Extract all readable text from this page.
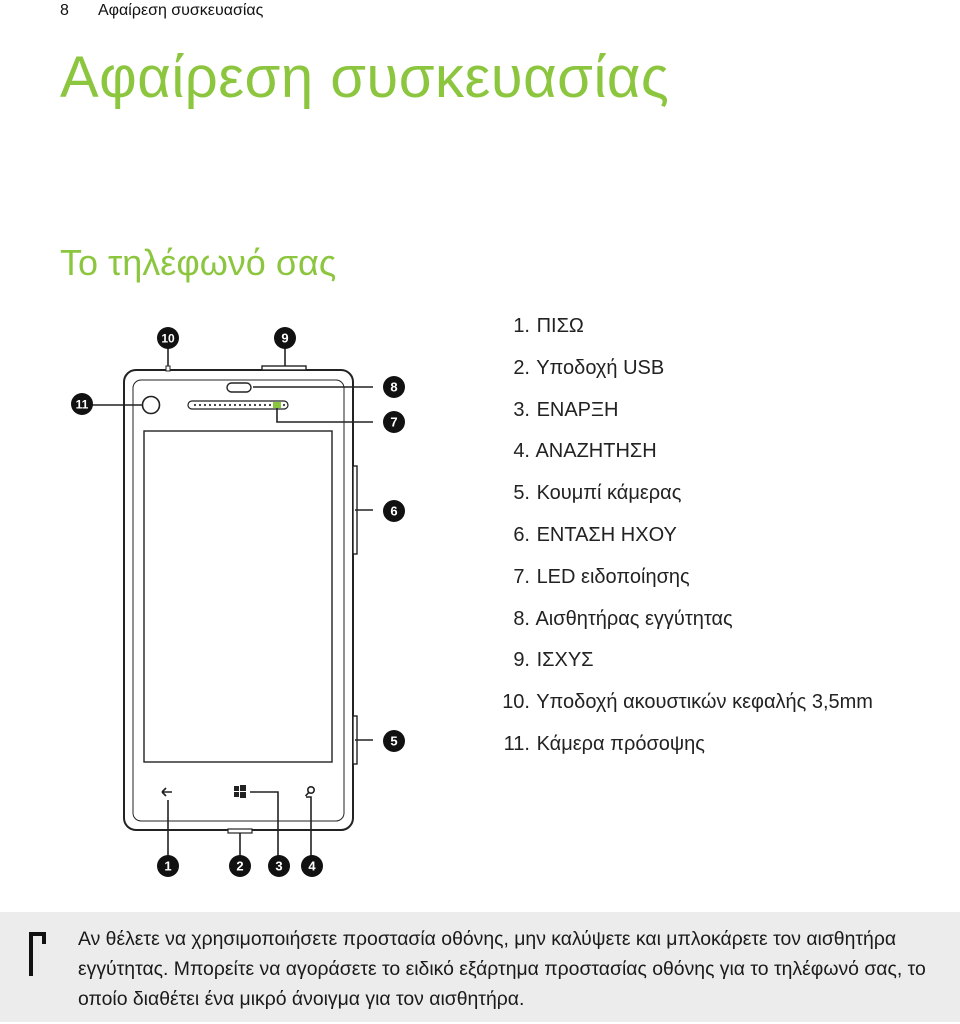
8 Αφαίρεση συσκευασίας
Αφαίρεση συσκευασίας
Το τηλέφωνό σας
11
10	9
8
7
6
5
1	2 3 4
1. ΠΙΣΩ
2. Υποδοχή USB
3. ΕΝΑΡΞΗ
4. ΑΝΑΖΗΤΗΣΗ
5. Κουμπί κάμερας
6. ΕΝΤΑΣΗ ΗΧΟΥ
7. LED ειδοποίησης
8. Αισθητήρας εγγύτητας
9. ΙΣΧΥΣ
10. Υποδοχή ακουστικών κεφαλής 3,5mm
11. Κάμερα πρόσοψης

Αν θέλετε να χρησιμοποιήσετε προστασία οθόνης, μην καλύψετε και μπλοκάρετε τον αισθητήρα εγγύτητας. Μπορείτε να αγοράσετε το ειδικό εξάρτημα προστασίας οθόνης για το τηλέφωνό σας, το οποίο διαθέτει ένα μικρό άνοιγμα για τον αισθητήρα.
